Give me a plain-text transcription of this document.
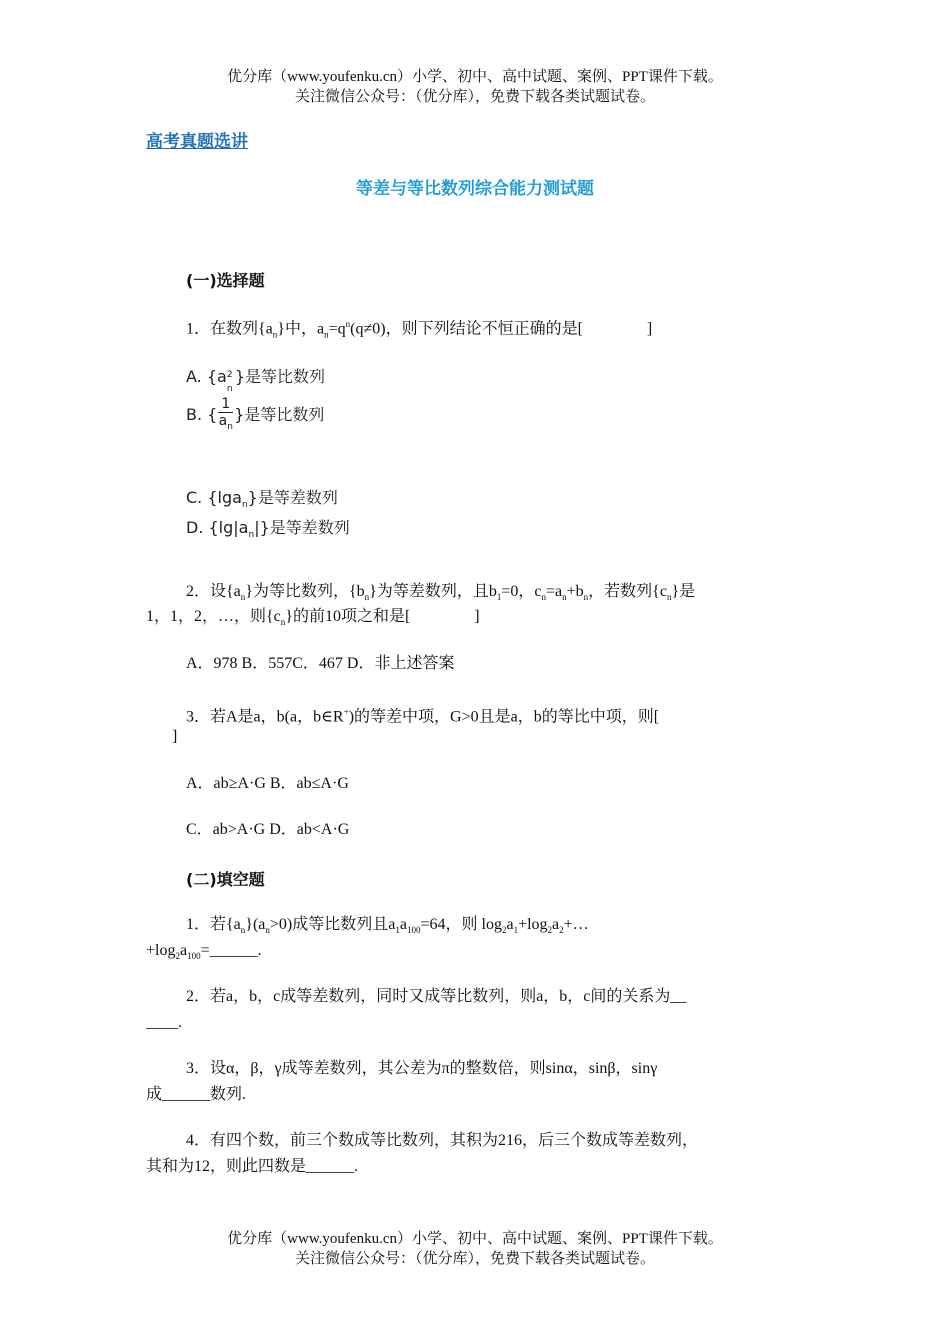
优分库（www.youfenku.cn）小学、初中、高中试题、案例、PPT课件下载。
关注微信公众号：（优分库），免费下载各类试题试卷。
高考真题选讲
等差与等比数列综合能力测试题
(一)选择题
1．在数列$\{a_n\}$中，$a_n=q^n(q\ne 0)$，则下列结论不恒正确的是[　　　　]
A. {a 2
n
}是等比数列
B. { $\frac{1}{a_n}$ }是等比数列
C. {lga$_n$}是等差数列
D. $\{\lg|a_n|\}$是等差数列
2．设$\{a_n\}$为等比数列，$\{b_n\}$为等差数列，且$b_1=0$，$c_n=a_n+b_n$，若数列$\{c_n\}$是
1，1，2，…，则$\{c_n\}$的前10项之和是[　　　　]
A．978 B．557C．467 D．非上述答案
3．若A是a，b(a，b∈R+)的等差中项，G>0且是a，b的等比中项，则[
]
A．ab≥A·G B．ab≤A·G
C．ab>A·G D．ab<A·G
(二)填空题
1．若$\{a_n\}(a_n>0)$成等比数列且$a_1a_{100}=64$，则 $\log_2a_1+\log_2a_2+\dots$
$+\log_2a_{100}=\_\_\_\_\_\_$.
2．若a，b，c成等差数列，同时又成等比数列，则a，b，c间的关系为__
____.
3．设α，β，γ成等差数列，其公差为π的整数倍，则sinα，sinβ，sinγ
成______数列.
4．有四个数，前三个数成等比数列，其积为216，后三个数成等差数列，
其和为12，则此四数是______.
优分库（www.youfenku.cn）小学、初中、高中试题、案例、PPT课件下载。
关注微信公众号：（优分库），免费下载各类试题试卷。
